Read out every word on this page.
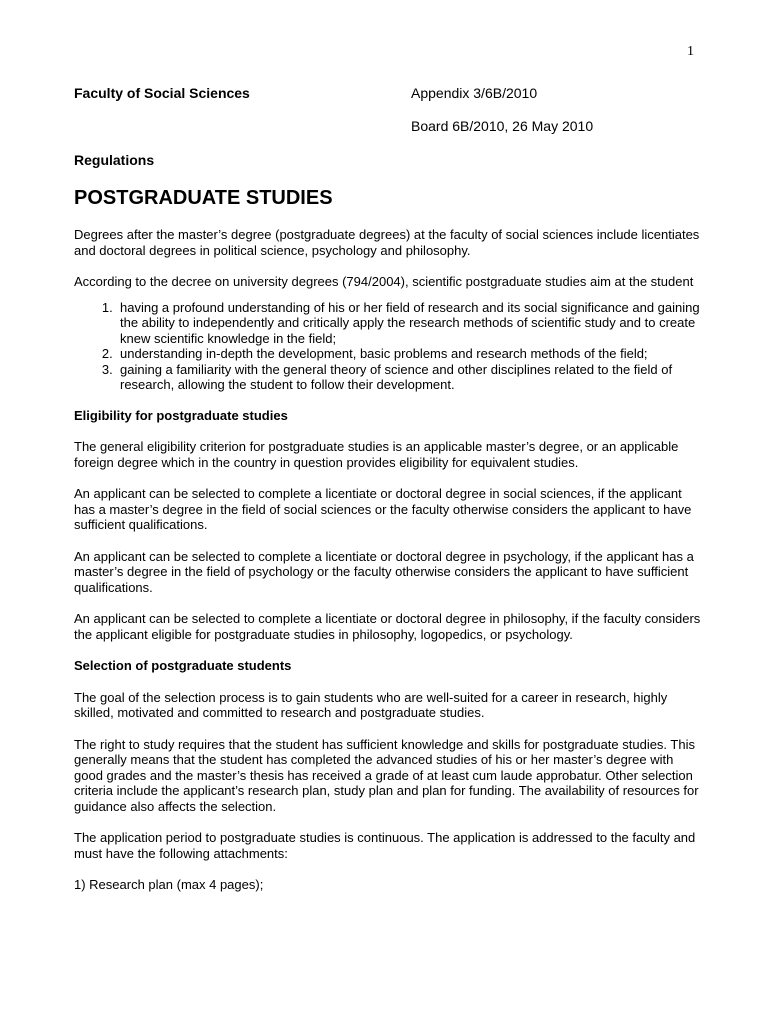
1
Faculty of Social Sciences	Appendix 3/6B/2010
Board 6B/2010, 26 May 2010
Regulations
POSTGRADUATE STUDIES

Degrees after the master’s degree (postgraduate degrees) at the faculty of social sciences include licentiates and doctoral degrees in political science, psychology and philosophy.

According to the decree on university degrees (794/2004), scientific postgraduate studies aim at the student

1. having a profound understanding of his or her field of research and its social significance and gaining the ability to independently and critically apply the research methods of scientific study and to create knew scientific knowledge in the field;
2. understanding in-depth the development, basic problems and research methods of the field;
3. gaining a familiarity with the general theory of science and other disciplines related to the field of research, allowing the student to follow their development.

Eligibility for postgraduate studies

The general eligibility criterion for postgraduate studies is an applicable master’s degree, or an applicable foreign degree which in the country in question provides eligibility for equivalent studies.

An applicant can be selected to complete a licentiate or doctoral degree in social sciences, if the applicant has a master’s degree in the field of social sciences or the faculty otherwise considers the applicant to have sufficient qualifications.

An applicant can be selected to complete a licentiate or doctoral degree in psychology, if the applicant has a master’s degree in the field of psychology or the faculty otherwise considers the applicant to have sufficient qualifications.

An applicant can be selected to complete a licentiate or doctoral degree in philosophy, if the faculty considers the applicant eligible for postgraduate studies in philosophy, logopedics, or psychology.

Selection of postgraduate students

The goal of the selection process is to gain students who are well-suited for a career in research, highly skilled, motivated and committed to research and postgraduate studies.

The right to study requires that the student has sufficient knowledge and skills for postgraduate studies. This generally means that the student has completed the advanced studies of his or her master’s degree with good grades and the master’s thesis has received a grade of at least cum laude approbatur. Other selection criteria include the applicant’s research plan, study plan and plan for funding. The availability of resources for guidance also affects the selection.

The application period to postgraduate studies is continuous. The application is addressed to the faculty and must have the following attachments:

1) Research plan (max 4 pages);
